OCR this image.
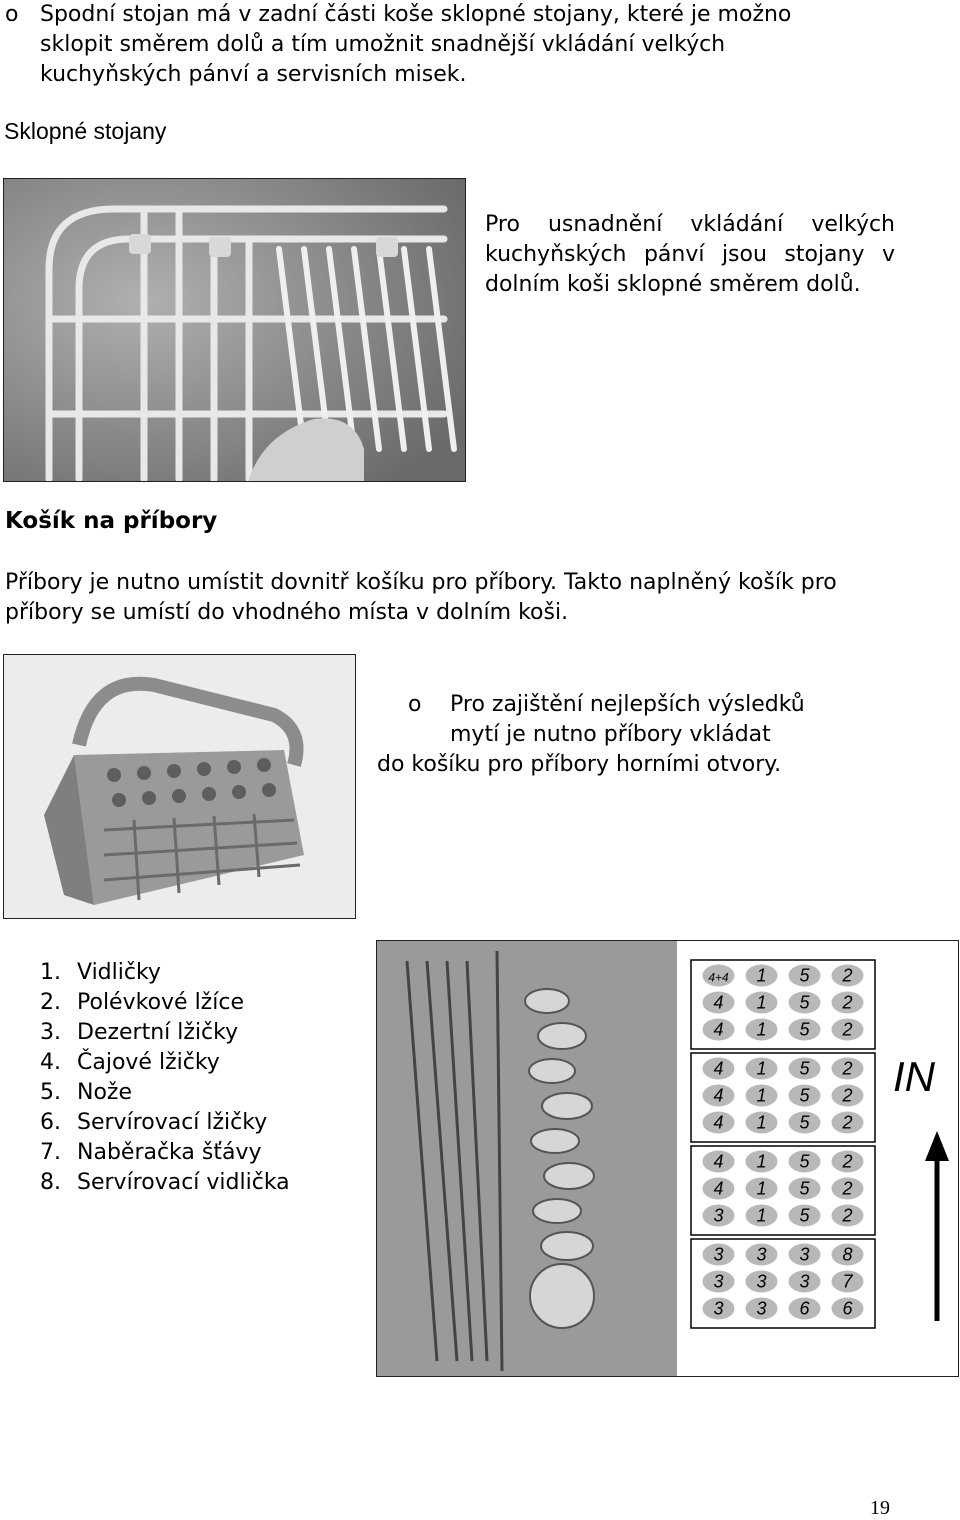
o Spodní stojan má v zadní části koše sklopné stojany, které je možno sklopit směrem dolů a tím umožnit snadnější vkládání velkých kuchyňských pánví a servisních misek.
Sklopné stojany
Pro usnadnění vkládání velkých kuchyňských pánví jsou stojany v dolním koši sklopné směrem dolů.
Košík na příbory
Příbory je nutno umístit dovnitř košíku pro příbory. Takto naplněný košík pro příbory se umístí do vhodného místa v dolním koši.
o Pro zajištění nejlepších výsledků
mytí je nutno příbory vkládat
do košíku pro příbory horními otvory.
1. Vidličky
2. Polévkové lžíce
3. Dezertní lžičky
4. Čajové lžičky
5. Nože
6. Servírovací lžičky
7. Naběračka šťávy
8. Servírovací vidlička
4+4 1 5 2
4 1 5 2
4 1 5 2
4 1 5 2
4 1 5 2
4 1 5 2
4 1 5 2
4 1 5 2
3 1 5 2
3 3 3 8
3 3 3 7
3 3 6 6
IN
19
